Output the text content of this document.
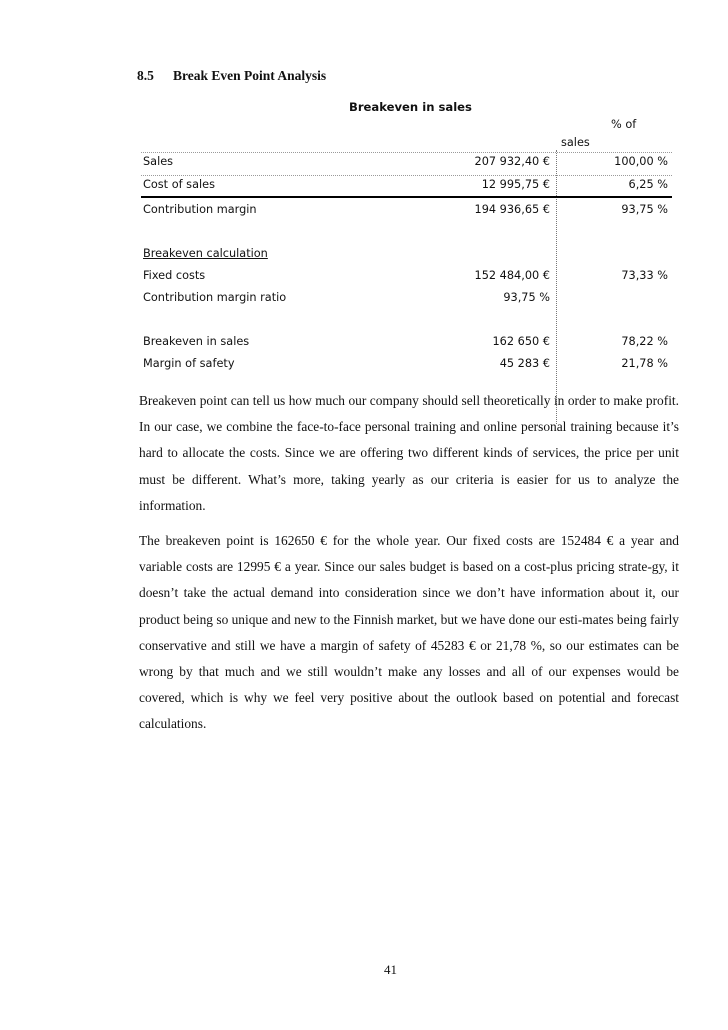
8.5 Break Even Point Analysis
Breakeven in sales
% of
sales
Sales	207 932,40 €	100,00 %
Cost of sales	12 995,75 €	6,25 %
Contribution margin	194 936,65 €	93,75 %
Breakeven calculation
Fixed costs	152 484,00 €	73,33 %
Contribution margin ratio	93,75 %
Breakeven in sales	162 650 €	78,22 %
Margin of safety	45 283 €	21,78 %

Breakeven point can tell us how much our company should sell theoretically in order to make profit. In our case, we combine the face-to-face personal training and online personal training because it’s hard to allocate the costs. Since we are offering two different kinds of services, the price per unit must be different. What’s more, taking yearly as our criteria is easier for us to analyze the information.

The breakeven point is 162650 € for the whole year. Our fixed costs are 152484 € a year and variable costs are 12995 € a year. Since our sales budget is based on a cost-plus pricing strate-gy, it doesn’t take the actual demand into consideration since we don’t have information about it, our product being so unique and new to the Finnish market, but we have done our esti-mates being fairly conservative and still we have a margin of safety of 45283 € or 21,78 %, so our estimates can be wrong by that much and we still wouldn’t make any losses and all of our expenses would be covered, which is why we feel very positive about the outlook based on potential and forecast calculations.

41
